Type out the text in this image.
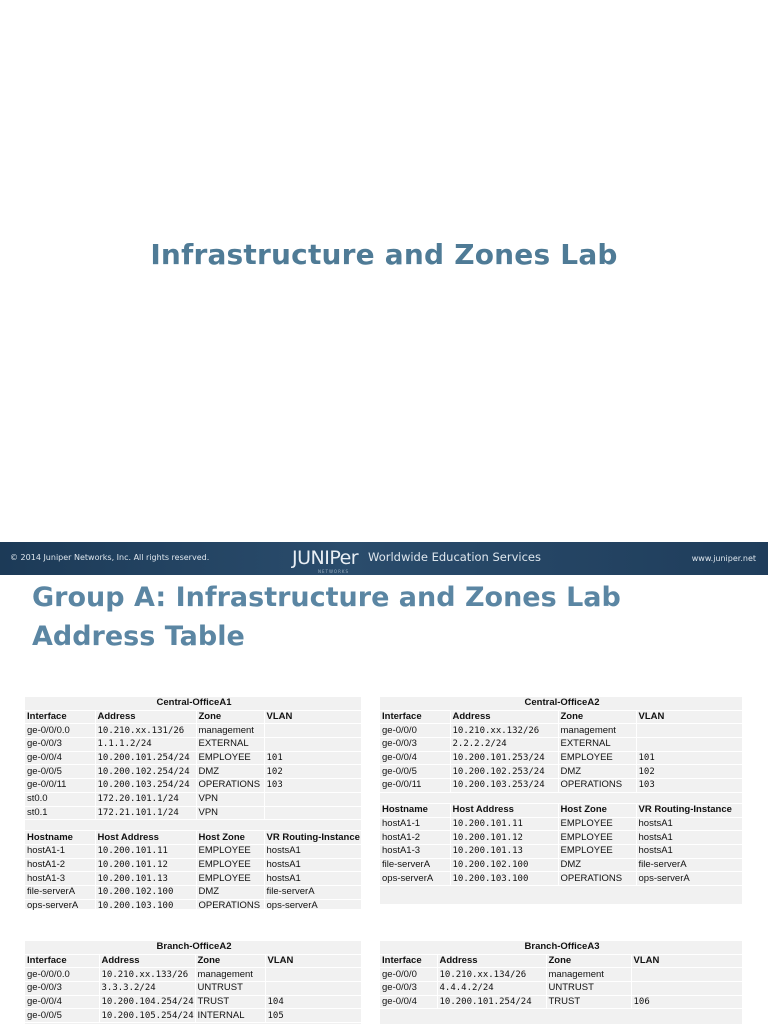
Infrastructure and Zones Lab
© 2014 Juniper Networks, Inc. All rights reserved.	JUNIPer
NETWORKS
Worldwide Education Services	www.juniper.net
Group A: Infrastructure and Zones Lab
Address Table
Central-OfficeA1			
Interface	Address	Zone	VLAN
ge-0/0/0.0	10.210.xx.131/26	management	
ge-0/0/3	1.1.1.2/24	EXTERNAL	
ge-0/0/4	10.200.101.254/24	EMPLOYEE	101
ge-0/0/5	10.200.102.254/24	DMZ	102
ge-0/0/11	10.200.103.254/24	OPERATIONS	103
st0.0	172.20.101.1/24	VPN	
st0.1	172.21.101.1/24	VPN	

Hostname	Host Address	Host Zone	VR Routing-Instance
hostA1-1	10.200.101.11	EMPLOYEE	hostsA1
hostA1-2	10.200.101.12	EMPLOYEE	hostsA1
hostA1-3	10.200.101.13	EMPLOYEE	hostsA1
file-serverA	10.200.102.100	DMZ	file-serverA
ops-serverA	10.200.103.100	OPERATIONS	ops-serverA
Central-OfficeA2			
Interface	Address	Zone	VLAN
ge-0/0/0	10.210.xx.132/26	management	
ge-0/0/3	2.2.2.2/24	EXTERNAL	
ge-0/0/4	10.200.101.253/24	EMPLOYEE	101
ge-0/0/5	10.200.102.253/24	DMZ	102
ge-0/0/11	10.200.103.253/24	OPERATIONS	103

Hostname	Host Address	Host Zone	VR Routing-Instance
hostA1-1	10.200.101.11	EMPLOYEE	hostsA1
hostA1-2	10.200.101.12	EMPLOYEE	hostsA1
hostA1-3	10.200.101.13	EMPLOYEE	hostsA1
file-serverA	10.200.102.100	DMZ	file-serverA
ops-serverA	10.200.103.100	OPERATIONS	ops-serverA
Branch-OfficeA2			
Interface	Address	Zone	VLAN
ge-0/0/0.0	10.210.xx.133/26	management	
ge-0/0/3	3.3.3.2/24	UNTRUST	
ge-0/0/4	10.200.104.254/24	TRUST	104
ge-0/0/5	10.200.105.254/24	INTERNAL	105
Branch-OfficeA3			
Interface	Address	Zone	VLAN
ge-0/0/0	10.210.xx.134/26	management	
ge-0/0/3	4.4.4.2/24	UNTRUST	
ge-0/0/4	10.200.101.254/24	TRUST	106
